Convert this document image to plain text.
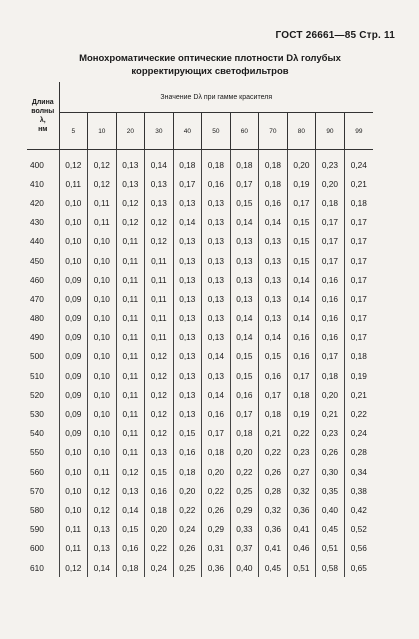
ГОСТ 26661—85 Стр. 11
Монохроматические оптические плотности Dλ голубых
корректирующих светофильтров
Длина
волны
λ,
нм	Значение Dλ при гамме красителя										
	5	10	20	30	40	50	60	70	80	90	99
400	0,12	0,12	0,13	0,14	0,18	0,18	0,18	0,18	0,20	0,23	0,24
410	0,11	0,12	0,13	0,13	0,17	0,16	0,17	0,18	0,19	0,20	0,21
420	0,10	0,11	0,12	0,13	0,13	0,13	0,15	0,16	0,17	0,18	0,18
430	0,10	0,11	0,12	0,12	0,14	0,13	0,14	0,14	0,15	0,17	0,17
440	0,10	0,10	0,11	0,12	0,13	0,13	0,13	0,13	0,15	0,17	0,17
450	0,10	0,10	0,11	0,11	0,13	0,13	0,13	0,13	0,15	0,17	0,17
460	0,09	0,10	0,11	0,11	0,13	0,13	0,13	0,13	0,14	0,16	0,17
470	0,09	0,10	0,11	0,11	0,13	0,13	0,13	0,13	0,14	0,16	0,17
480	0,09	0,10	0,11	0,11	0,13	0,13	0,14	0,13	0,14	0,16	0,17
490	0,09	0,10	0,11	0,11	0,13	0,13	0,14	0,14	0,16	0,16	0,17
500	0,09	0,10	0,11	0,12	0,13	0,14	0,15	0,15	0,16	0,17	0,18
510	0,09	0,10	0,11	0,12	0,13	0,13	0,15	0,16	0,17	0,18	0,19
520	0,09	0,10	0,11	0,12	0,13	0,14	0,16	0,17	0,18	0,20	0,21
530	0,09	0,10	0,11	0,12	0,13	0,16	0,17	0,18	0,19	0,21	0,22
540	0,09	0,10	0,11	0,12	0,15	0,17	0,18	0,21	0,22	0,23	0,24
550	0,10	0,10	0,11	0,13	0,16	0,18	0,20	0,22	0,23	0,26	0,28
560	0,10	0,11	0,12	0,15	0,18	0,20	0,22	0,26	0,27	0,30	0,34
570	0,10	0,12	0,13	0,16	0,20	0,22	0,25	0,28	0,32	0,35	0,38
580	0,10	0,12	0,14	0,18	0,22	0,26	0,29	0,32	0,36	0,40	0,42
590	0,11	0,13	0,15	0,20	0,24	0,29	0,33	0,36	0,41	0,45	0,52
600	0,11	0,13	0,16	0,22	0,26	0,31	0,37	0,41	0,46	0,51	0,56
610	0,12	0,14	0,18	0,24	0,25	0,36	0,40	0,45	0,51	0,58	0,65
